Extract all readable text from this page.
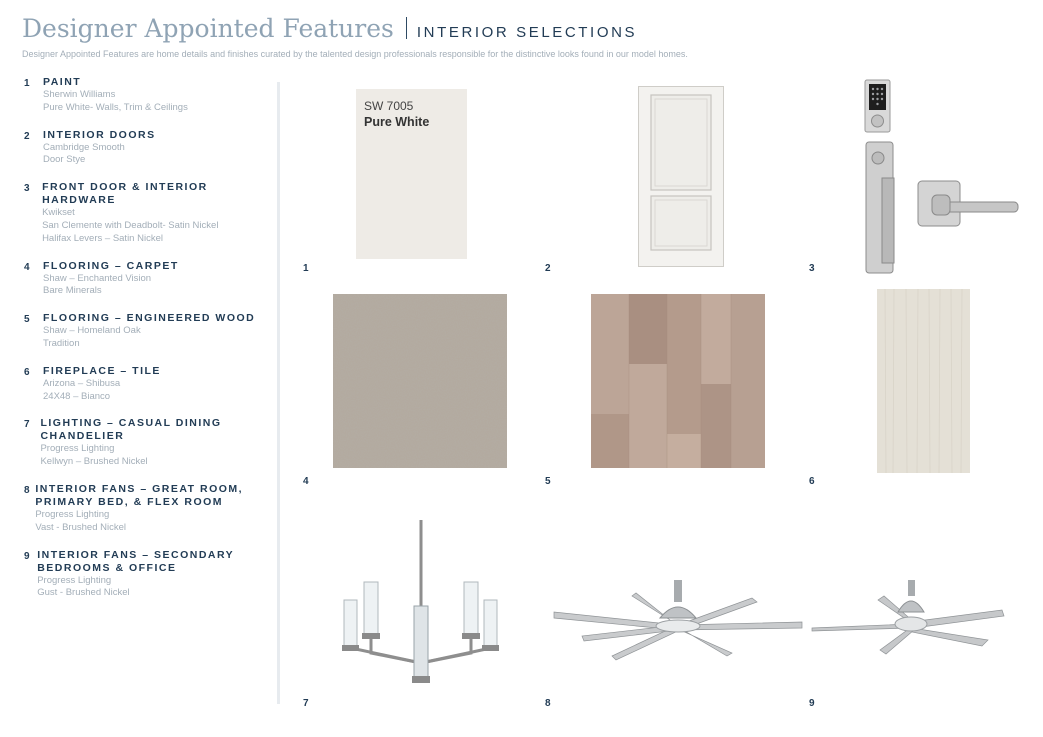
Designer Appointed Features INTERIOR SELECTIONS
Designer Appointed Features are home details and finishes curated by the talented design professionals responsible for the distinctive looks found in our model homes.
1	PAINT
Sherwin Williams
Pure White- Walls, Trim & Ceilings
2	INTERIOR DOORS
Cambridge Smooth
Door Stye
3	FRONT DOOR & INTERIOR HARDWARE
Kwikset
San Clemente with Deadbolt- Satin Nickel
Halifax Levers – Satin Nickel
4	FLOORING – CARPET
Shaw – Enchanted Vision
Bare Minerals
5	FLOORING – ENGINEERED WOOD
Shaw – Homeland Oak
Tradition
6	FIREPLACE – TILE
Arizona – Shibusa
24X48 – Bianco
7	LIGHTING – CASUAL DINING CHANDELIER
Progress Lighting
Kellwyn – Brushed Nickel
8 INTERIOR FANS – GREAT ROOM, PRIMARY BED, & FLEX ROOM
Progress Lighting
Vast - Brushed Nickel
9 INTERIOR FANS – SECONDARY BEDROOMS & OFFICE
Progress Lighting
Gust - Brushed Nickel
SW 7005
Pure White
1	2	3
4	5	6
7	8	9
